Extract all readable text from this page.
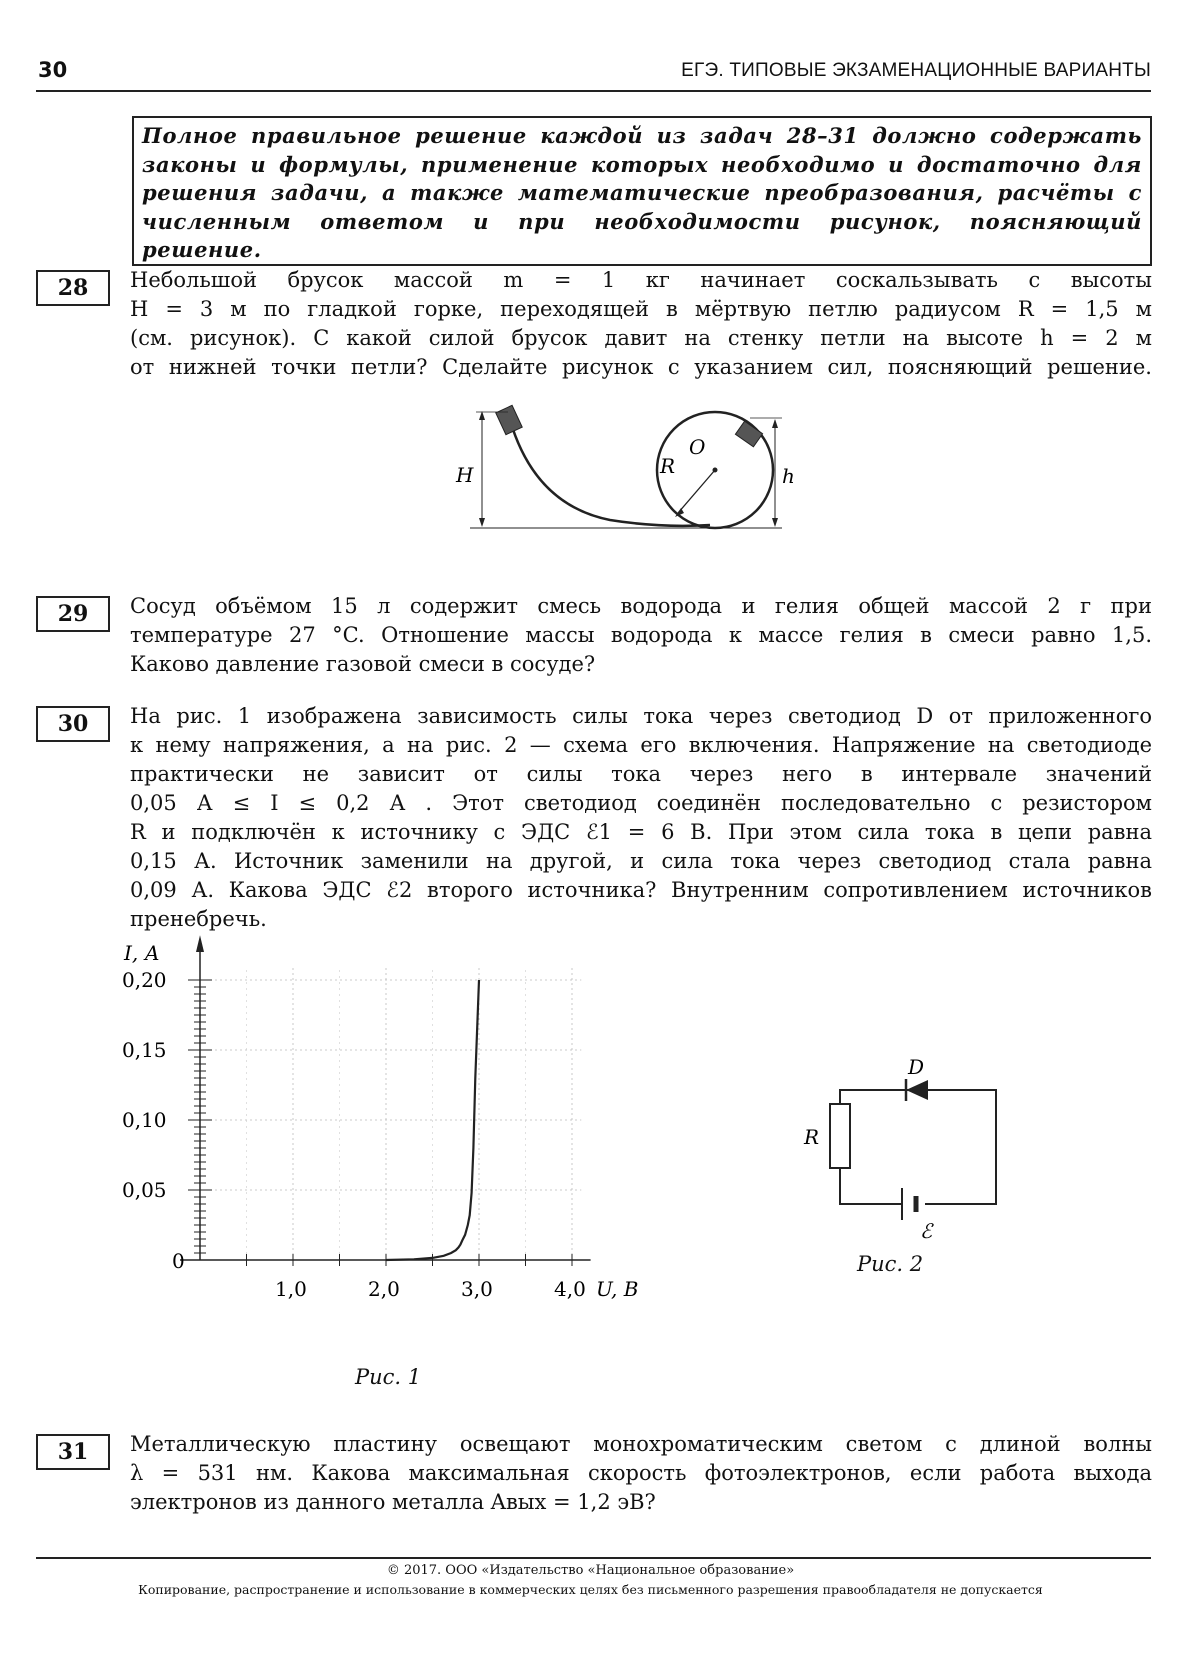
30	ЕГЭ. ТИПОВЫЕ ЭКЗАМЕНАЦИОННЫЕ ВАРИАНТЫ
Полное правильное решение каждой из задач 28–31 должно содержать законы и формулы, применение которых необходимо и достаточно для решения задачи, а также математические преобразования, расчёты с численным ответом и при необходимости рисунок, поясняющий решение.
28	Небольшой брусок массой m = 1 кг начинает соскальзывать с высоты
H = 3 м по гладкой горке, переходящей в мёртвую петлю радиусом R = 1,5 м
(см. рисунок). С какой силой брусок давит на стенку петли на высоте h = 2 м
от нижней точки петли? Сделайте рисунок с указанием сил, поясняющий решение.
H	h
R
O
29	Сосуд объёмом 15 л содержит смесь водорода и гелия общей массой 2 г при
температуре 27 °C. Отношение массы водорода к массе гелия в смеси равно 1,5.
Каково давление газовой смеси в сосуде?
30	На рис. 1 изображена зависимость силы тока через светодиод D от приложенного
к нему напряжения, а на рис. 2 — схема его включения. Напряжение на светодиоде
практически не зависит от силы тока через него в интервале значений
0,05 А ≤ I ≤ 0,2 А . Этот светодиод соединён последовательно с резистором
R и подключён к источнику с ЭДС ℰ1 = 6 В. При этом сила тока в цепи равна
0,15 А. Источник заменили на другой, и сила тока через светодиод стала равна
0,09 А. Какова ЭДС ℰ2 второго источника? Внутренним сопротивлением источников
пренебречь.
0,05
0,10
0,15
0,20
1,0	2,0	3,0	4,0
0
I, А
U, В
Рис. 1
D
R
ℰ
Рис. 2
31	Металлическую пластину освещают монохроматическим светом с длиной волны
λ = 531 нм. Какова максимальная скорость фотоэлектронов, если работа выхода
электронов из данного металла Aвых = 1,2 эВ?
© 2017. ООО «Издательство «Национальное образование»
Копирование, распространение и использование в коммерческих целях без письменного разрешения правообладателя не допускается
